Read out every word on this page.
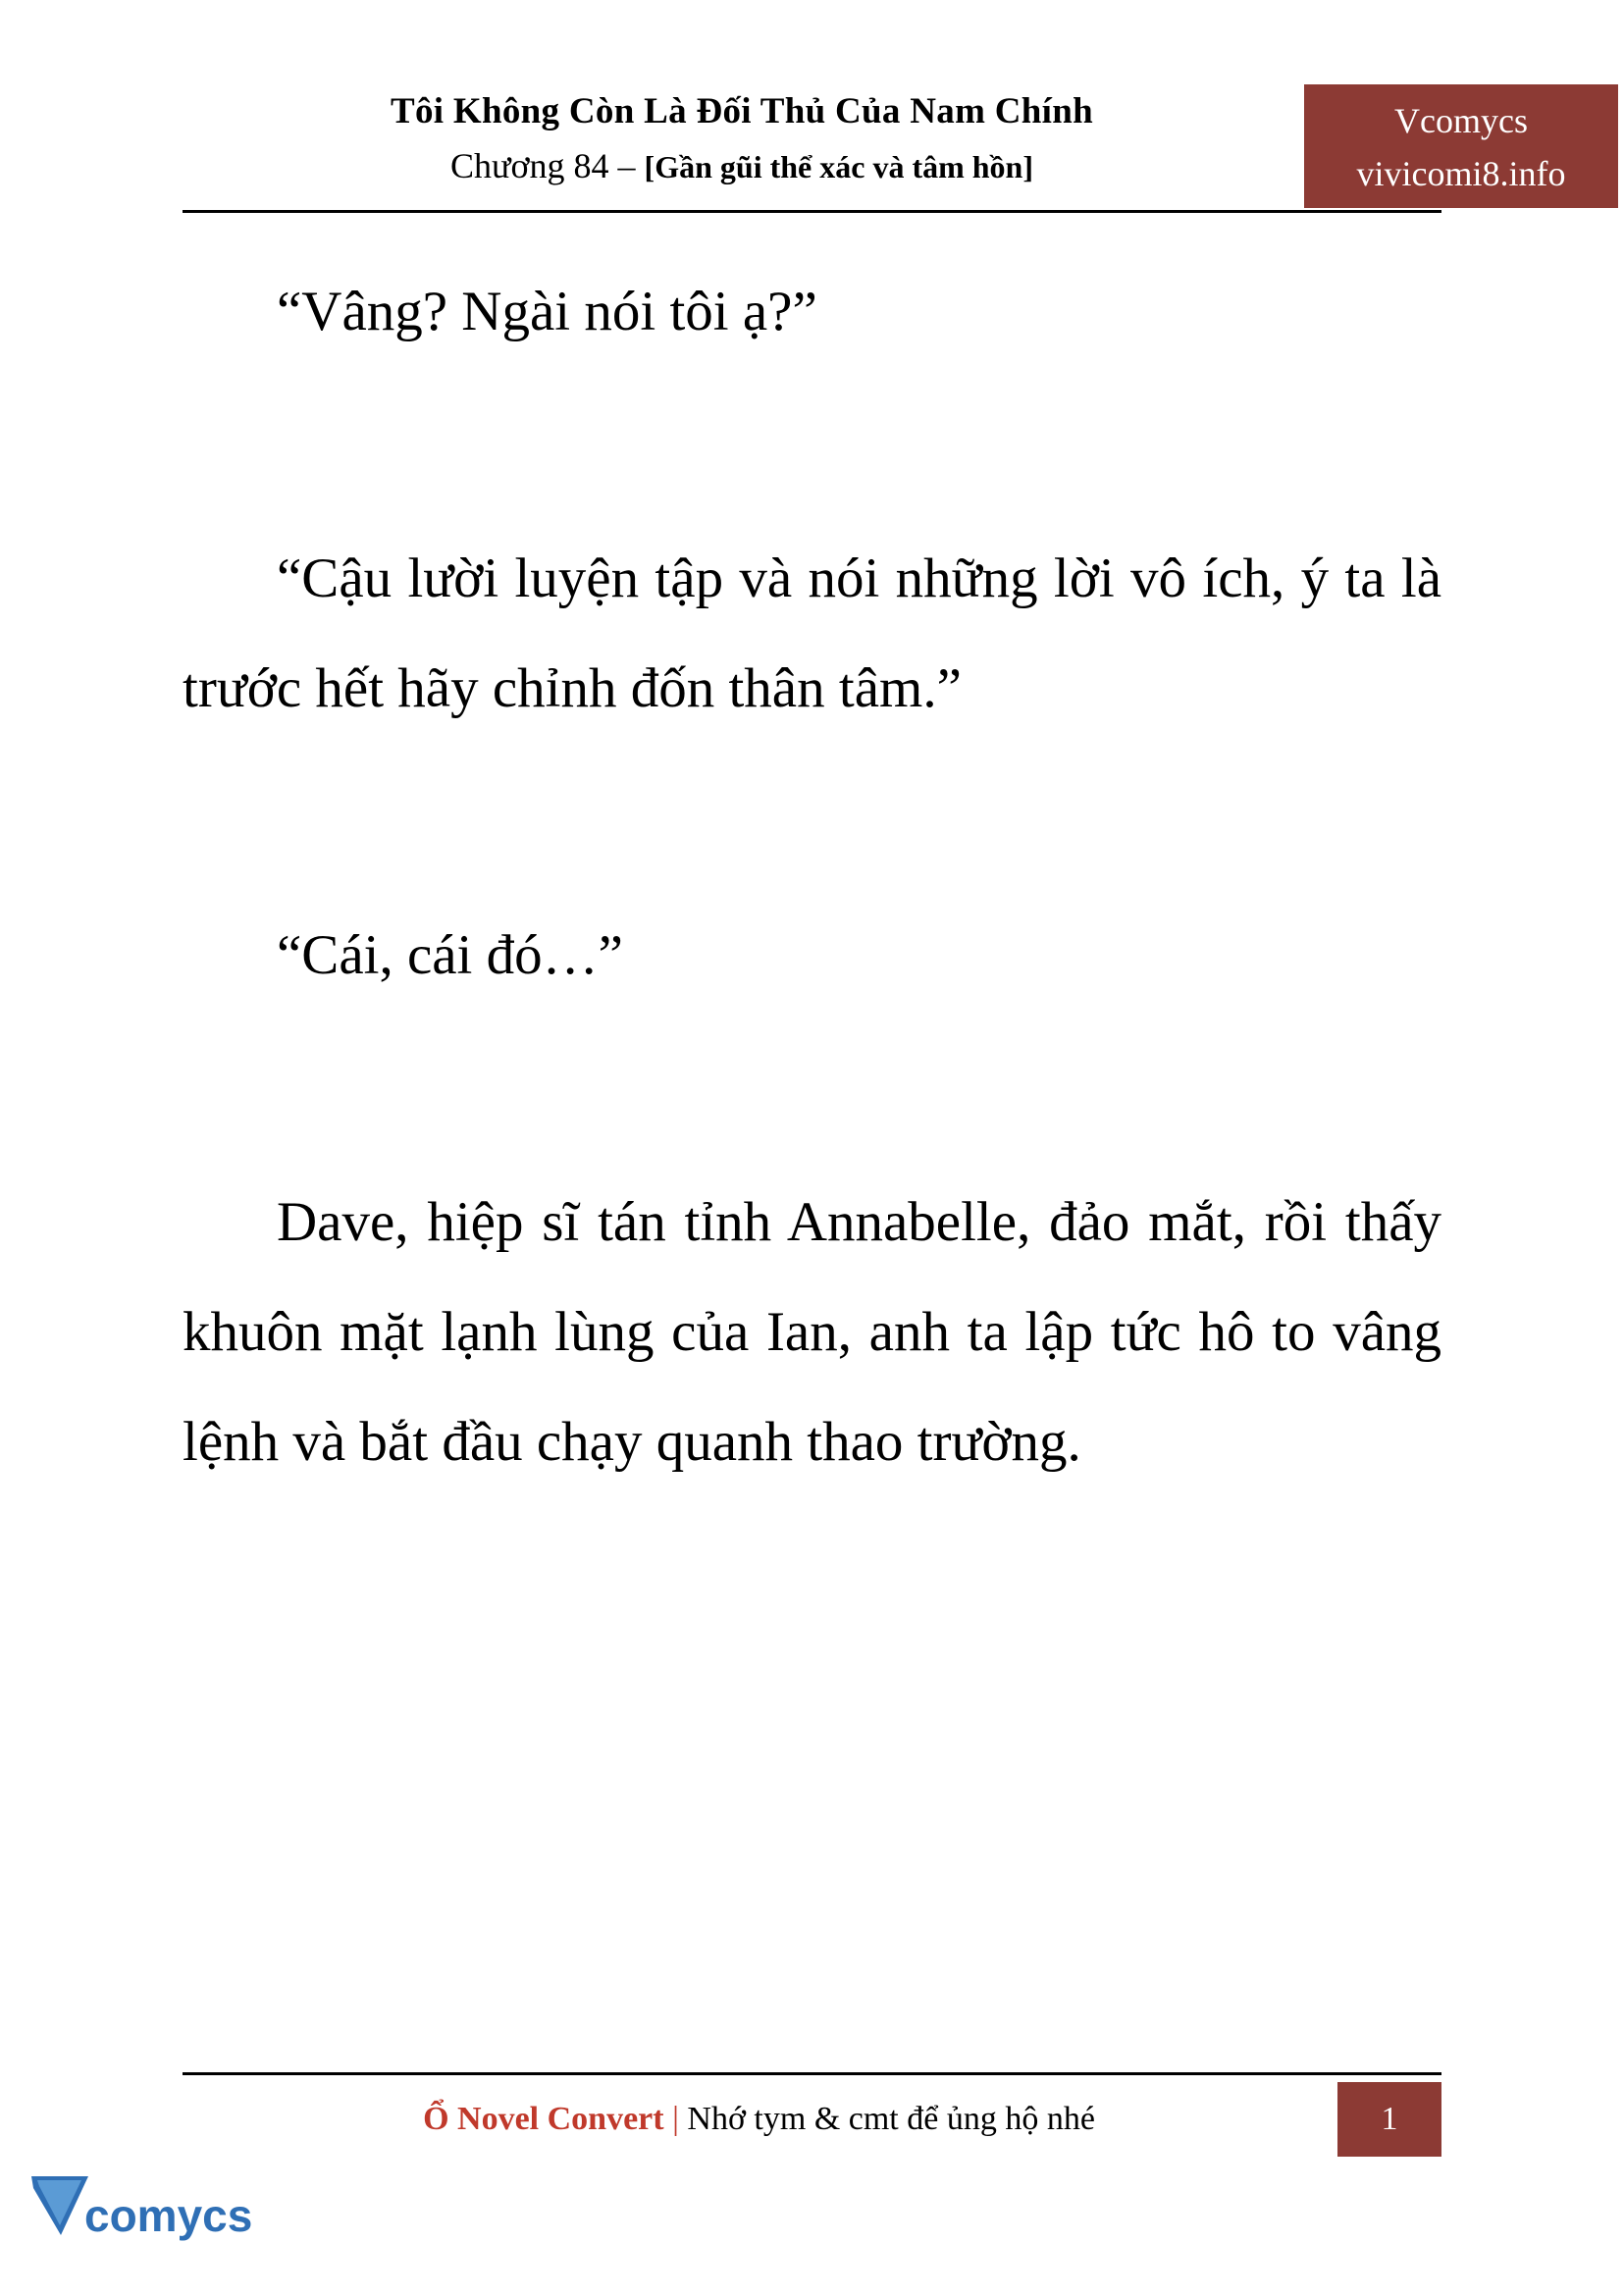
Tôi Không Còn Là Đối Thủ Của Nam Chính
Chương 84 – [Gần gũi thể xác và tâm hồn]
Vcomycs
vivicomi8.info

“Vâng? Ngài nói tôi ạ?”

“Cậu lười luyện tập và nói những lời vô ích, ý ta là trước hết hãy chỉnh đốn thân tâm.”

“Cái, cái đó…”

Dave, hiệp sĩ tán tỉnh Annabelle, đảo mắt, rồi thấy khuôn mặt lạnh lùng của Ian, anh ta lập tức hô to vâng lệnh và bắt đầu chạy quanh thao trường.

Ổ Novel Convert | Nhớ tym & cmt để ủng hộ nhé	1
comycs
